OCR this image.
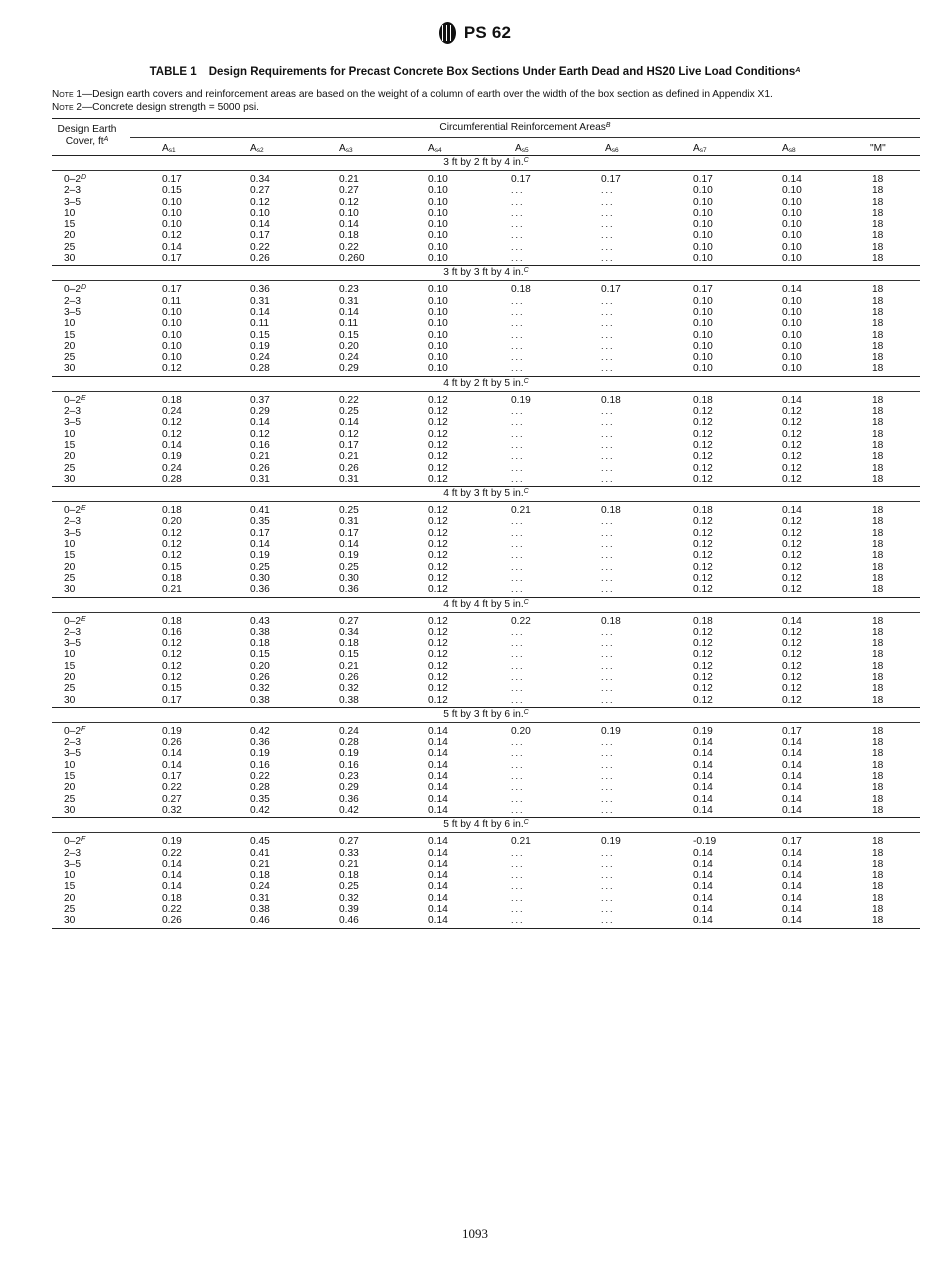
PS 62
TABLE 1 Design Requirements for Precast Concrete Box Sections Under Earth Dead and HS20 Live Load Conditions$^A$
Note 1—Design earth covers and reinforcement areas are based on the weight of a column of earth over the width of the box section as defined in Appendix X1.
Note 2—Concrete design strength = 5000 psi.
Design Earth
Cover, $ft^A$
Circumferential Reinforcement Areas$^B$
$A_{s1}$	$A_{s2}$	$A_{s3}$	$A_{s4}$	$A_{s5}$	$A_{s6}$	$A_{s7}$	$A_{s8}$	"M"
3 ft by 2 ft by 4 in.$^C$
$0-2^D$	0.17	0.34	0.21	0.10	0.17	0.17	0.17	0.14	18
2–3	0.15	0.27	0.27	0.10	...	...	0.10	0.10	18
3–5	0.10	0.12	0.12	0.10	...	...	0.10	0.10	18
10	0.10	0.10	0.10	0.10	...	...	0.10	0.10	18
15	0.10	0.14	0.14	0.10	...	...	0.10	0.10	18
20	0.12	0.17	0.18	0.10	...	...	0.10	0.10	18
25	0.14	0.22	0.22	0.10	...	...	0.10	0.10	18
30	0.17	0.26	0.260	0.10	...	...	0.10	0.10	18
3 ft by 3 ft by 4 in.$^C$
$0-2^D$	0.17	0.36	0.23	0.10	0.18	0.17	0.17	0.14	18
2–3	0.11	0.31	0.31	0.10	...	...	0.10	0.10	18
3–5	0.10	0.14	0.14	0.10	...	...	0.10	0.10	18
10	0.10	0.11	0.11	0.10	...	...	0.10	0.10	18
15	0.10	0.15	0.15	0.10	...	...	0.10	0.10	18
20	0.10	0.19	0.20	0.10	...	...	0.10	0.10	18
25	0.10	0.24	0.24	0.10	...	...	0.10	0.10	18
30	0.12	0.28	0.29	0.10	...	...	0.10	0.10	18
4 ft by 2 ft by 5 in.$^C$
$0-2^E$	0.18	0.37	0.22	0.12	0.19	0.18	0.18	0.14	18
2–3	0.24	0.29	0.25	0.12	...	...	0.12	0.12	18
3–5	0.12	0.14	0.14	0.12	...	...	0.12	0.12	18
10	0.12	0.12	0.12	0.12	...	...	0.12	0.12	18
15	0.14	0.16	0.17	0.12	...	...	0.12	0.12	18
20	0.19	0.21	0.21	0.12	...	...	0.12	0.12	18
25	0.24	0.26	0.26	0.12	...	...	0.12	0.12	18
30	0.28	0.31	0.31	0.12	...	...	0.12	0.12	18
4 ft by 3 ft by 5 in.$^C$
$0-2^E$	0.18	0.41	0.25	0.12	0.21	0.18	0.18	0.14	18
2–3	0.20	0.35	0.31	0.12	...	...	0.12	0.12	18
3–5	0.12	0.17	0.17	0.12	...	...	0.12	0.12	18
10	0.12	0.14	0.14	0.12	...	...	0.12	0.12	18
15	0.12	0.19	0.19	0.12	...	...	0.12	0.12	18
20	0.15	0.25	0.25	0.12	...	...	0.12	0.12	18
25	0.18	0.30	0.30	0.12	...	...	0.12	0.12	18
30	0.21	0.36	0.36	0.12	...	...	0.12	0.12	18
4 ft by 4 ft by 5 in.$^C$
$0-2^E$	0.18	0.43	0.27	0.12	0.22	0.18	0.18	0.14	18
2–3	0.16	0.38	0.34	0.12	...	...	0.12	0.12	18
3–5	0.12	0.18	0.18	0.12	...	...	0.12	0.12	18
10	0.12	0.15	0.15	0.12	...	...	0.12	0.12	18
15	0.12	0.20	0.21	0.12	...	...	0.12	0.12	18
20	0.12	0.26	0.26	0.12	...	...	0.12	0.12	18
25	0.15	0.32	0.32	0.12	...	...	0.12	0.12	18
30	0.17	0.38	0.38	0.12	...	...	0.12	0.12	18
5 ft by 3 ft by 6 in.$^C$
$0-2^F$	0.19	0.42	0.24	0.14	0.20	0.19	0.19	0.17	18
2–3	0.26	0.36	0.28	0.14	...	...	0.14	0.14	18
3–5	0.14	0.19	0.19	0.14	...	...	0.14	0.14	18
10	0.14	0.16	0.16	0.14	...	...	0.14	0.14	18
15	0.17	0.22	0.23	0.14	...	...	0.14	0.14	18
20	0.22	0.28	0.29	0.14	...	...	0.14	0.14	18
25	0.27	0.35	0.36	0.14	...	...	0.14	0.14	18
30	0.32	0.42	0.42	0.14	...	...	0.14	0.14	18
5 ft by 4 ft by 6 in.$^C$
$0-2^F$	0.19	0.45	0.27	0.14	0.21	0.19	-0.19	0.17	18
2–3	0.22	0.41	0.33	0.14	...	...	0.14	0.14	18
3–5	0.14	0.21	0.21	0.14	...	...	0.14	0.14	18
10	0.14	0.18	0.18	0.14	...	...	0.14	0.14	18
15	0.14	0.24	0.25	0.14	...	...	0.14	0.14	18
20	0.18	0.31	0.32	0.14	...	...	0.14	0.14	18
25	0.22	0.38	0.39	0.14	...	...	0.14	0.14	18
30	0.26	0.46	0.46	0.14	...	...	0.14	0.14	18
1093
